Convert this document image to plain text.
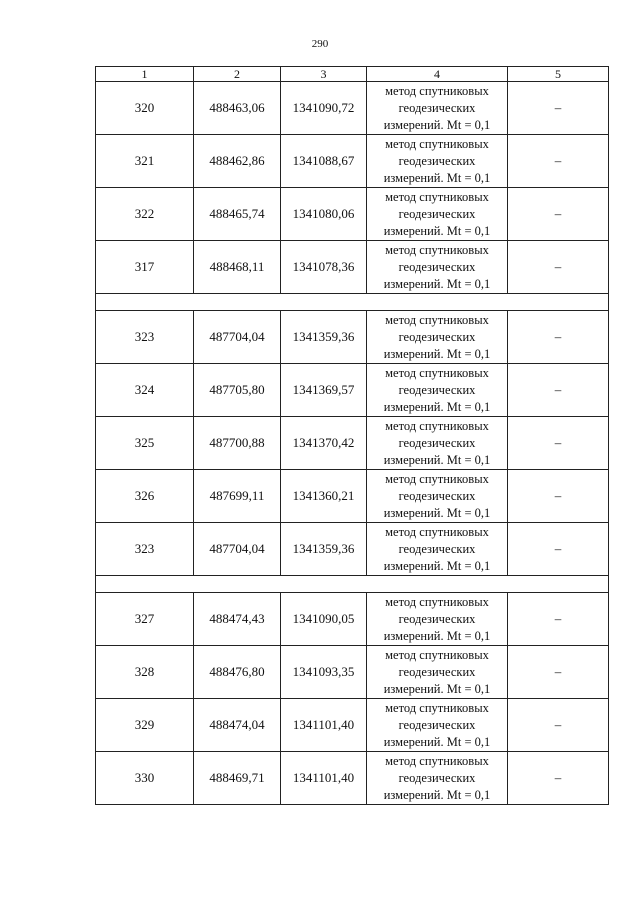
290
1	2	3	4	5
320	488463,06	1341090,72	метод спутниковых
геодезических
измерений. Mt = 0,1	–
321	488462,86	1341088,67	метод спутниковых
геодезических
измерений. Mt = 0,1	–
322	488465,74	1341080,06	метод спутниковых
геодезических
измерений. Mt = 0,1	–
317	488468,11	1341078,36	метод спутниковых
геодезических
измерений. Mt = 0,1	–

323	487704,04	1341359,36	метод спутниковых
геодезических
измерений. Mt = 0,1	–
324	487705,80	1341369,57	метод спутниковых
геодезических
измерений. Mt = 0,1	–
325	487700,88	1341370,42	метод спутниковых
геодезических
измерений. Mt = 0,1	–
326	487699,11	1341360,21	метод спутниковых
геодезических
измерений. Mt = 0,1	–
323	487704,04	1341359,36	метод спутниковых
геодезических
измерений. Mt = 0,1	–

327	488474,43	1341090,05	метод спутниковых
геодезических
измерений. Mt = 0,1	–
328	488476,80	1341093,35	метод спутниковых
геодезических
измерений. Mt = 0,1	–
329	488474,04	1341101,40	метод спутниковых
геодезических
измерений. Mt = 0,1	–
330	488469,71	1341101,40	метод спутниковых
геодезических
измерений. Mt = 0,1	–
